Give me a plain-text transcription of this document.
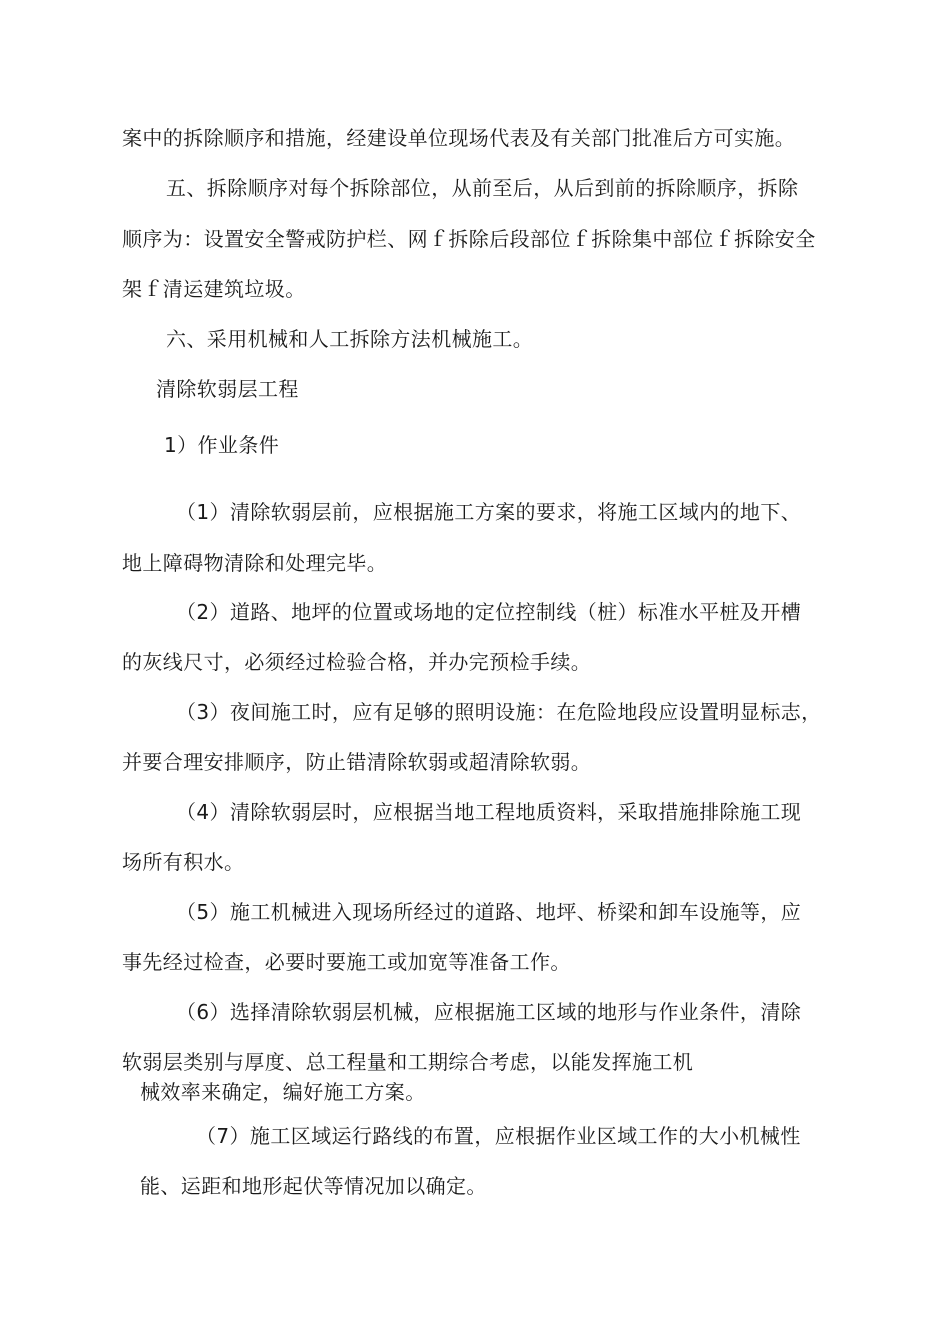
案中的拆除顺序和措施，经建设单位现场代表及有关部门批准后方可实施。
五、拆除顺序对每个拆除部位，从前至后，从后到前的拆除顺序，拆除
顺序为：设置安全警戒防护栏、网ｆ拆除后段部位ｆ拆除集中部位ｆ拆除安全
架ｆ清运建筑垃圾。
六、采用机械和人工拆除方法机械施工。
清除软弱层工程
1）作业条件
（1）清除软弱层前，应根据施工方案的要求，将施工区域内的地下、
地上障碍物清除和处理完毕。
（2）道路、地坪的位置或场地的定位控制线（桩）标准水平桩及开槽
的灰线尺寸，必须经过检验合格，并办完预检手续。
（3）夜间施工时，应有足够的照明设施：在危险地段应设置明显标志，
并要合理安排顺序，防止错清除软弱或超清除软弱。
（4）清除软弱层时，应根据当地工程地质资料，采取措施排除施工现
场所有积水。
（5）施工机械进入现场所经过的道路、地坪、桥梁和卸车设施等，应
事先经过检查，必要时要施工或加宽等准备工作。
（6）选择清除软弱层机械，应根据施工区域的地形与作业条件，清除
软弱层类别与厚度、总工程量和工期综合考虑，以能发挥施工机
械效率来确定，编好施工方案。
（7）施工区域运行路线的布置，应根据作业区域工作的大小机械性
能、运距和地形起伏等情况加以确定。
